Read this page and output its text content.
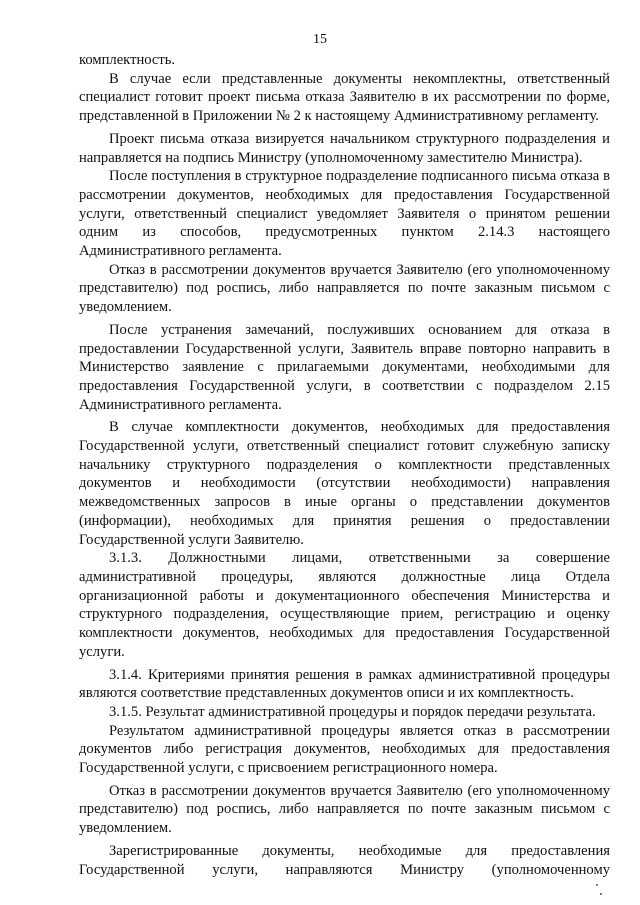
15

комплектность.

В случае если представленные документы некомплектны, ответственный специалист готовит проект письма отказа Заявителю в их рассмотрении по форме, представленной в Приложении № 2 к настоящему Административному регламенту.

Проект письма отказа визируется начальником структурного подразделения и направляется на подпись Министру (уполномоченному заместителю Министра).

После поступления в структурное подразделение подписанного письма отказа в рассмотрении документов, необходимых для предоставления Государственной услуги, ответственный специалист уведомляет Заявителя о принятом решении одним из способов, предусмотренных пунктом 2.14.3 настоящего Административного регламента.

Отказ в рассмотрении документов вручается Заявителю (его уполномоченному представителю) под роспись, либо направляется по почте заказным письмом с уведомлением.

После устранения замечаний, послуживших основанием для отказа в предоставлении Государственной услуги, Заявитель вправе повторно направить в Министерство заявление с прилагаемыми документами, необходимыми для предоставления Государственной услуги, в соответствии с подразделом 2.15 Административного регламента.

В случае комплектности документов, необходимых для предоставления Государственной услуги, ответственный специалист готовит служебную записку начальнику структурного подразделения о комплектности представленных документов и необходимости (отсутствии необходимости) направления межведомственных запросов в иные органы о представлении документов (информации), необходимых для принятия решения о предоставлении Государственной услуги Заявителю.

3.1.3. Должностными лицами, ответственными за совершение административной процедуры, являются должностные лица Отдела организационной работы и документационного обеспечения Министерства и структурного подразделения, осуществляющие прием, регистрацию и оценку комплектности документов, необходимых для предоставления Государственной услуги.

3.1.4. Критериями принятия решения в рамках административной процедуры являются соответствие представленных документов описи и их комплектность.

3.1.5. Результат административной процедуры и порядок передачи результата.

Результатом административной процедуры является отказ в рассмотрении документов либо регистрация документов, необходимых для предоставления Государственной услуги, с присвоением регистрационного номера.

Отказ в рассмотрении документов вручается Заявителю (его уполномоченному представителю) под роспись, либо направляется по почте заказным письмом с уведомлением.

Зарегистрированные документы, необходимые для предоставления Государственной услуги, направляются Министру (уполномоченному
